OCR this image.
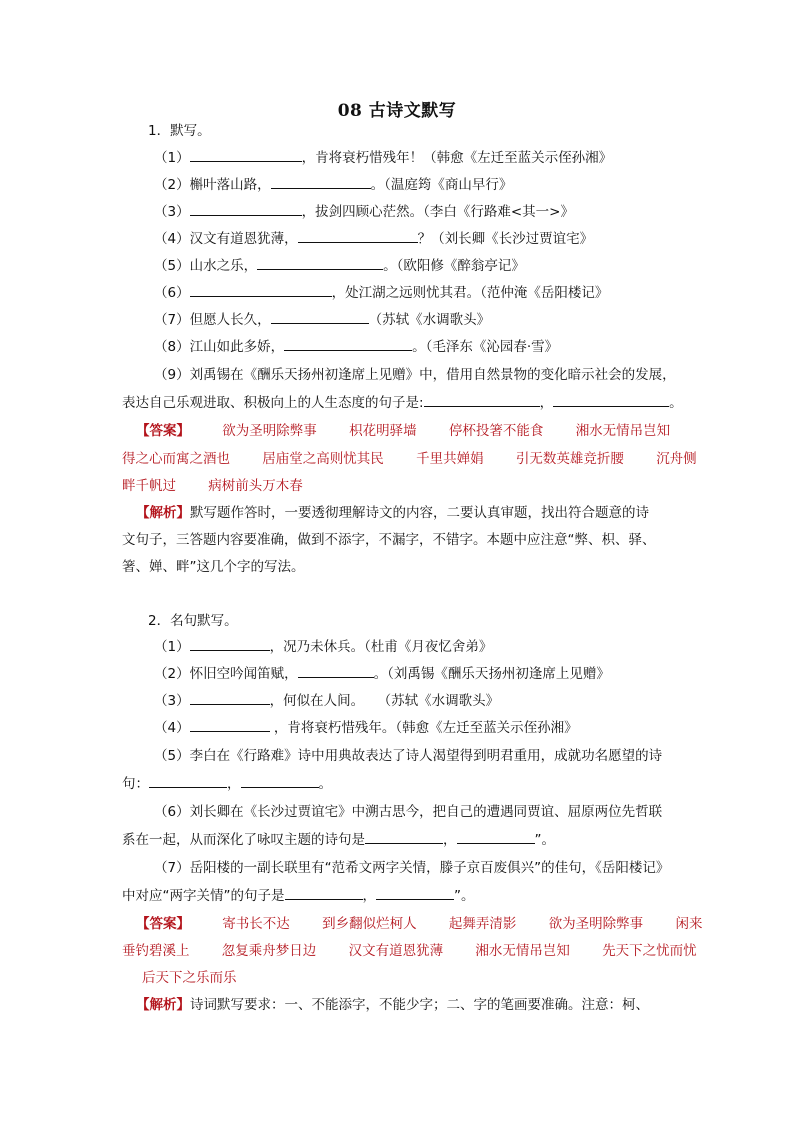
08 古诗文默写
1．默写。
（1）	，肯将衰朽惜残年！（韩愈《左迁至蓝关示侄孙湘》
（2）槲叶落山路，	。（温庭筠《商山早行》
（3）	，拔剑四顾心茫然。（李白《行路难<其一>》
（4）汉文有道恩犹薄，	？（刘长卿《长沙过贾谊宅》
（5）山水之乐，	。（欧阳修《醉翁亭记》
（6）	，处江湖之远则忧其君。（范仲淹《岳阳楼记》
（7）但愿人长久，	（苏轼《水调歌头》
（8）江山如此多娇，	。（毛泽东《沁园春·雪》
（9）刘禹锡在《酬乐天扬州初逢席上见赠》中，借用自然景物的变化暗示社会的发展，
表达自己乐观进取、积极向上的人生态度的句子是:	，	。
【答案】 欲为圣明除弊事 枳花明驿墙 停杯投箸不能食 湘水无情吊岂知
得之心而寓之酒也 居庙堂之高则忧其民 千里共婵娟 引无数英雄竞折腰 沉舟侧
畔千帆过 病树前头万木春
【解析】默写题作答时，一要透彻理解诗文的内容，二要认真审题，找出符合题意的诗
文句子，三答题内容要准确，做到不添字，不漏字，不错字。本题中应注意“弊、枳、驿、
箸、婵、畔”这几个字的写法。
2．名句默写。
（1）	，况乃未休兵。（杜甫《月夜忆舍弟》
（2）怀旧空吟闻笛赋，	。（刘禹锡《酬乐天扬州初逢席上见赠》
（3）	，何似在人间。　　（苏轼《水调歌头》
（4）	，肯将衰朽惜残年。（韩愈《左迁至蓝关示侄孙湘》
（5）李白在《行路难》诗中用典故表达了诗人渴望得到明君重用，成就功名愿望的诗
句：	，	。
（6）刘长卿在《长沙过贾谊宅》中溯古思今，把自己的遭遇同贾谊、屈原两位先哲联
系在一起，从而深化了咏叹主题的诗句是	，	”。
（7）岳阳楼的一副长联里有“范希文两字关情，滕子京百废俱兴”的佳句，《岳阳楼记》
中对应“两字关情”的句子是	，	”。
【答案】 寄书长不达 到乡翻似烂柯人 起舞弄清影 欲为圣明除弊事 闲来
垂钓碧溪上 忽复乘舟梦日边 汉文有道恩犹薄 湘水无情吊岂知 先天下之忧而忧
后天下之乐而乐
【解析】诗词默写要求：一、不能添字，不能少字；二、字的笔画要准确。注意：柯、
